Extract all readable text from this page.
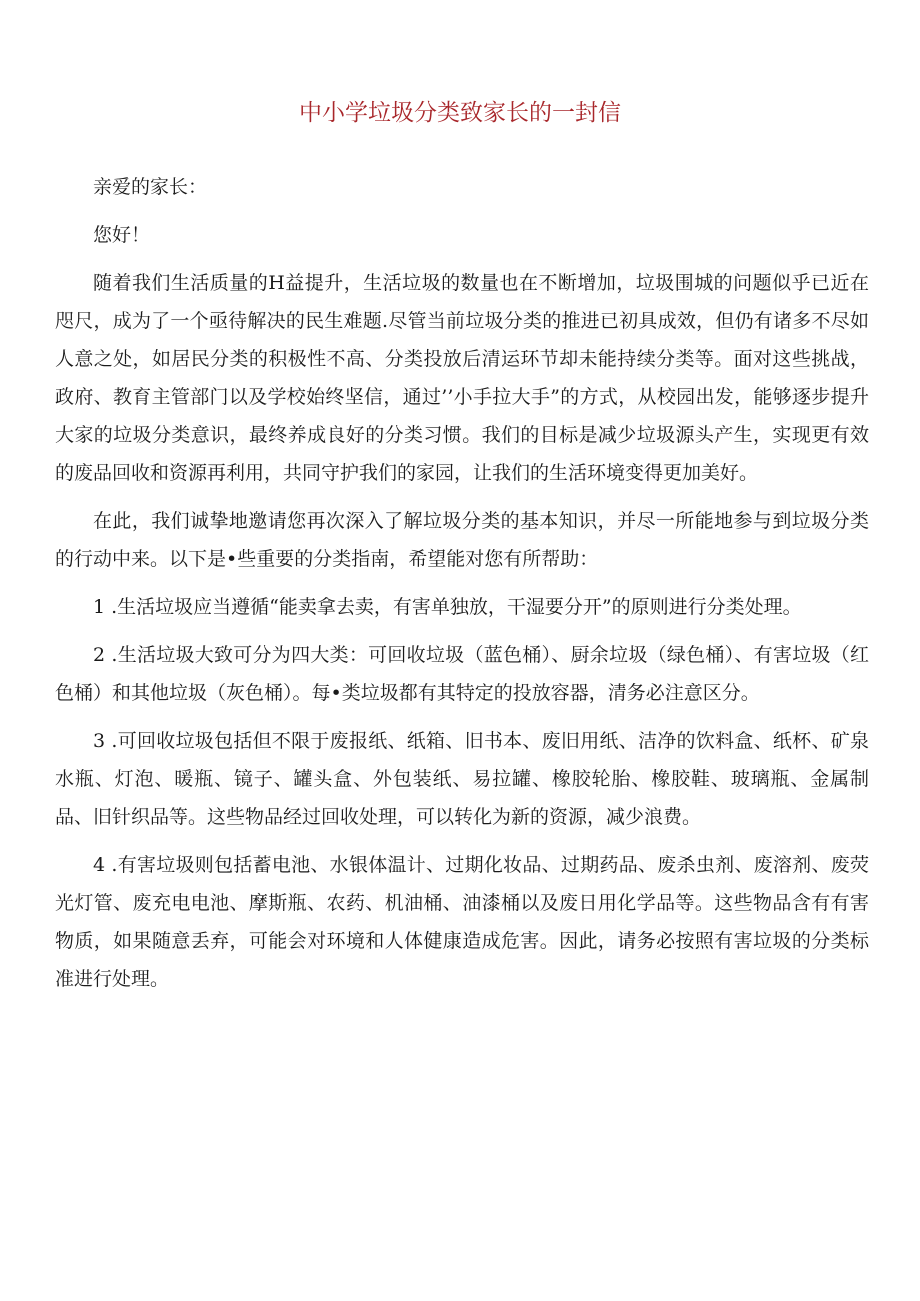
中小学垃圾分类致家长的一封信

亲爱的家长：

您好！

随着我们生活质量的H益提升，生活垃圾的数量也在不断增加，垃圾围城的问题似乎已近在咫尺，成为了一个亟待解决的民生难题.尽管当前垃圾分类的推进已初具成效，但仍有诸多不尽如人意之处，如居民分类的积极性不高、分类投放后清运环节却未能持续分类等。面对这些挑战，政府、教育主管部门以及学校始终坚信，通过’’小手拉大手”的方式，从校园出发，能够逐步提升大家的垃圾分类意识，最终养成良好的分类习惯。我们的目标是减少垃圾源头产生，实现更有效的废品回收和资源再利用，共同守护我们的家园，让我们的生活环境变得更加美好。

在此，我们诚挚地邀请您再次深入了解垃圾分类的基本知识，并尽一所能地参与到垃圾分类的行动中来。以下是•些重要的分类指南，希望能对您有所帮助：

1 .生活垃圾应当遵循“能卖拿去卖，有害单独放，干湿要分开”的原则进行分类处理。

2 .生活垃圾大致可分为四大类：可回收垃圾（蓝色桶）、厨余垃圾（绿色桶）、有害垃圾（红色桶）和其他垃圾（灰色桶）。每•类垃圾都有其特定的投放容器，清务必注意区分。

3 .可回收垃圾包括但不限于废报纸、纸箱、旧书本、废旧用纸、洁净的饮料盒、纸杯、矿泉水瓶、灯泡、暖瓶、镜子、罐头盒、外包装纸、易拉罐、橡胶轮胎、橡胶鞋、玻璃瓶、金属制品、旧针织品等。这些物品经过回收处理，可以转化为新的资源，减少浪费。

4 .有害垃圾则包括蓄电池、水银体温计、过期化妆品、过期药品、废杀虫剂、废溶剂、废荧光灯管、废充电电池、摩斯瓶、农药、机油桶、油漆桶以及废日用化学品等。这些物品含有有害物质，如果随意丢弃，可能会对环境和人体健康造成危害。因此，请务必按照有害垃圾的分类标准进行处理。
